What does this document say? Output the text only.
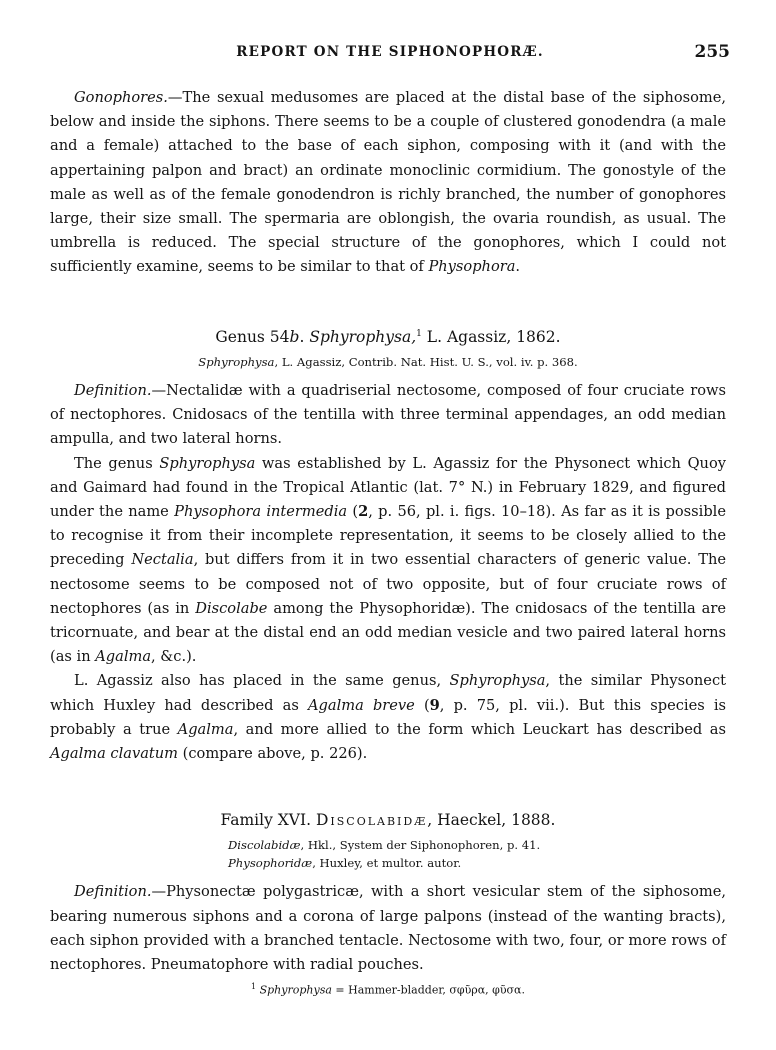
REPORT ON THE SIPHONOPHORÆ.	255

Gonophores.—The sexual medusomes are placed at the distal base of the siphosome, below and inside the siphons. There seems to be a couple of clustered gonodendra (a male and a female) attached to the base of each siphon, composing with it (and with the appertaining palpon and bract) an ordinate monoclinic cormidium. The gonostyle of the male as well as of the female gonodendron is richly branched, the number of gonophores large, their size small. The spermaria are oblongish, the ovaria roundish, as usual. The umbrella is reduced. The special structure of the gonophores, which I could not sufficiently examine, seems to be similar to that of Physophora.

Genus 54b. Sphyrophysa,$^1$ L. Agassiz, 1862.

Sphyrophysa, L. Agassiz, Contrib. Nat. Hist. U. S., vol. iv. p. 368.

Definition.—Nectalidæ with a quadriserial nectosome, composed of four cruciate rows of nectophores. Cnidosacs of the tentilla with three terminal appendages, an odd median ampulla, and two lateral horns.

The genus Sphyrophysa was established by L. Agassiz for the Physonect which Quoy and Gaimard had found in the Tropical Atlantic (lat. 7° N.) in February 1829, and figured under the name Physophora intermedia (2, p. 56, pl. i. figs. 10–18). As far as it is possible to recognise it from their incomplete representation, it seems to be closely allied to the preceding Nectalia, but differs from it in two essential characters of generic value. The nectosome seems to be composed not of two opposite, but of four cruciate rows of nectophores (as in Discolabe among the Physophoridæ). The cnidosacs of the tentilla are tricornuate, and bear at the distal end an odd median vesicle and two paired lateral horns (as in Agalma, &c.).

L. Agassiz also has placed in the same genus, Sphyrophysa, the similar Physonect which Huxley had described as Agalma breve (9, p. 75, pl. vii.). But this species is probably a true Agalma, and more allied to the form which Leuckart has described as Agalma clavatum (compare above, p. 226).

Family XVI. Discolabidæ, Haeckel, 1888.

Discolabidæ, Hkl., System der Siphonophoren, p. 41.

Physophoridæ, Huxley, et multor. autor.

Definition.—Physonectæ polygastricæ, with a short vesicular stem of the siphosome, bearing numerous siphons and a corona of large palpons (instead of the wanting bracts), each siphon provided with a branched tentacle. Nectosome with two, four, or more rows of nectophores. Pneumatophore with radial pouches.

$^1$ Sphyrophysa = Hammer-bladder, σφῦρα, φῦσα.
